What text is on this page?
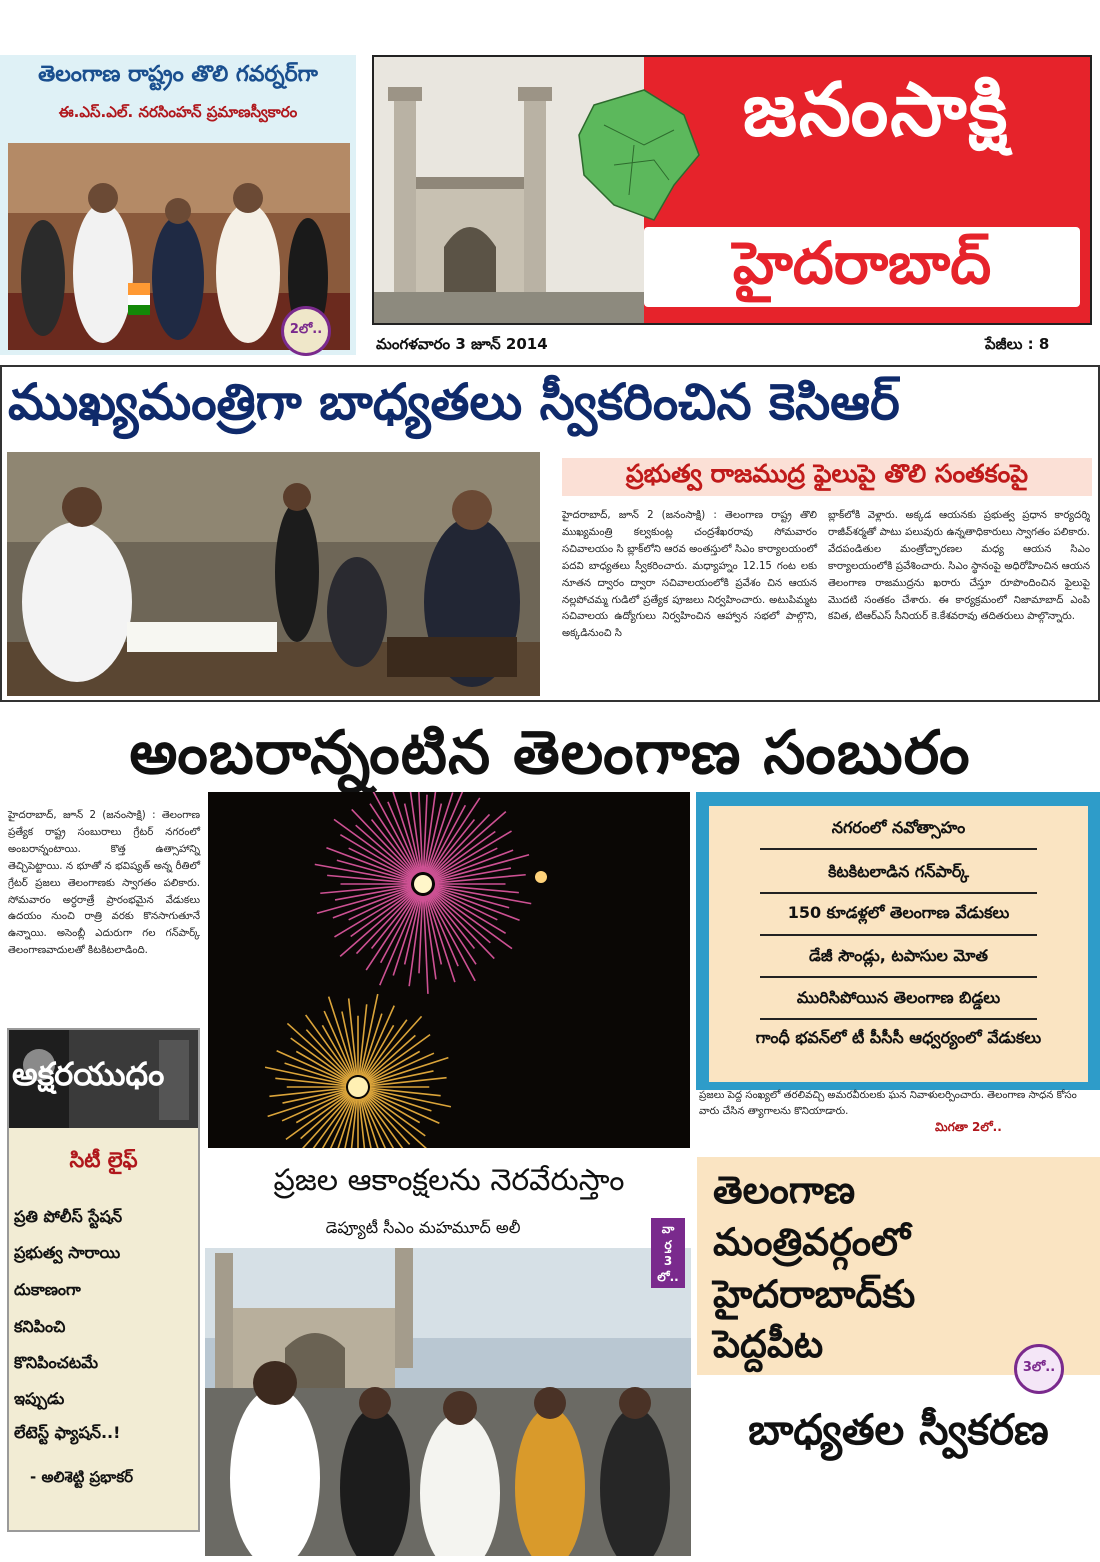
తెలంగాణ రాష్ట్రం తొలి గవర్నర్‌గా
ఈ.ఎస్‌.ఎల్‌. నరసింహన్‌ ప్రమాణస్వీకారం
2లో..
జనంసాక్షి
హైదరాబాద్‌
మంగళవారం 3 జూన్‌ 2014	పేజీలు : 8
ముఖ్యమంత్రిగా బాధ్యతలు స్వీకరించిన కెసిఆర్‌
ప్రభుత్వ రాజముద్ర ఫైలుపై తొలి సంతకంపై
హైదరాబాద్‌, జూన్‌ 2 (జనంసాక్షి) : తెలంగాణ రాష్ట్ర తొలి ముఖ్యమంత్రి కల్వకుంట్ల చంద్రశేఖరరావు సోమవారం సచివాలయం సి బ్లాక్‌లోని ఆరవ అంతస్తులో సిఎం కార్యాలయంలో పదవి బాధ్యతలు స్వీకరించారు. మధ్యాహ్నం 12.15 గంట లకు నూతన ద్వారం ద్వారా సచివాలయంలోకి ప్రవేశం చిన ఆయన నల్లపోచమ్మ గుడిలో ప్రత్యేక పూజలు నిర్వహించారు. అటుపిమ్మట సచివాలయ ఉద్యోగులు నిర్వహించిన ఆహ్వాన సభలో పాల్గొని, అక్కడినుంచి సి
బ్లాక్‌లోకి వెళ్లారు. అక్కడ ఆయనకు ప్రభుత్వ ప్రధాన కార్యదర్శి రాజీవ్‌శర్మతో పాటు పలువురు ఉన్నతాధికారులు స్వాగతం పలికారు. వేదపండితుల మంత్రోచ్ఛారణల మధ్య ఆయన సిఎం కార్యాలయంలోకి ప్రవేశించారు. సిఎం స్థానంపై అధిరోహించిన ఆయన తెలంగాణ రాజముద్రను ఖరారు చేస్తూ రూపొందించిన ఫైలుపై మొదటి సంతకం చేశారు. ఈ కార్యక్రమంలో నిజామాబాద్‌ ఎంపి కవిత, టిఆర్‌ఎస్‌ సీనియర్‌ కె.కేశవరావు తదితరులు పాల్గొన్నారు.
అంబరాన్నంటిన తెలంగాణ సంబురం
హైదరాబాద్‌, జూన్‌ 2 (జనంసాక్షి) : తెలంగాణ ప్రత్యేక రాష్ట్ర సంబురాలు గ్రేటర్‌ నగరంలో అంబరాన్నంటాయి. కొత్త ఉత్సాహాన్ని తెచ్చిపెట్టాయి. న భూతో న భవిష్యత్‌ అన్న రీతిలో గ్రేటర్‌ ప్రజలు తెలంగాణకు స్వాగతం పలికారు. సోమవారం అర్ధరాత్రే ప్రారంభమైన వేడుకలు ఉదయం నుంచి రాత్రి వరకు కొనసాగుతూనే ఉన్నాయి. అసెంబ్లీ ఎదురుగా గల గన్‌పార్క్‌ తెలంగాణవాదులతో కిటకిటలాడింది.
నగరంలో నవోత్సాహం
కిటకిటలాడిన గన్‌పార్క్‌
150 కూడళ్లలో తెలంగాణ వేడుకలు
డేజీ సౌండ్లు, టపాసుల మోత
మురిసిపోయిన తెలంగాణ బిడ్డలు
గాంధీ భవన్‌లో టీ పీసీసీ ఆధ్వర్యంలో వేడుకలు
ప్రజలు పెద్ద సంఖ్యలో తరలివచ్చి అమరవీరులకు ఘన నివాళులర్పించారు. తెలంగాణ సాధన కోసం వారు చేసిన త్యాగాలను కొనియాడారు.
మిగతా 2లో..
అక్షరయుధం
సిటీ లైఫ్‌
ప్రతి పోలీస్‌ స్టేషన్‌
ప్రభుత్వ సారాయి
దుకాణంగా
కనిపించి
కొనిపించటమే
ఇప్పుడు
లేటెస్ట్‌ ఫ్యాషన్‌..!
- అలిశెట్టి ప్రభాకర్‌
ప్రజల ఆకాంక్షలను నెరవేరుస్తాం
డెప్యూటీ సీఎం మహమూద్‌ అలీ	వా
ర్త
3
లో..
తెలంగాణ
మంత్రివర్గంలో
హైదరాబాద్‌కు
పెద్దపీట
3లో..
బాధ్యతల స్వీకరణ
